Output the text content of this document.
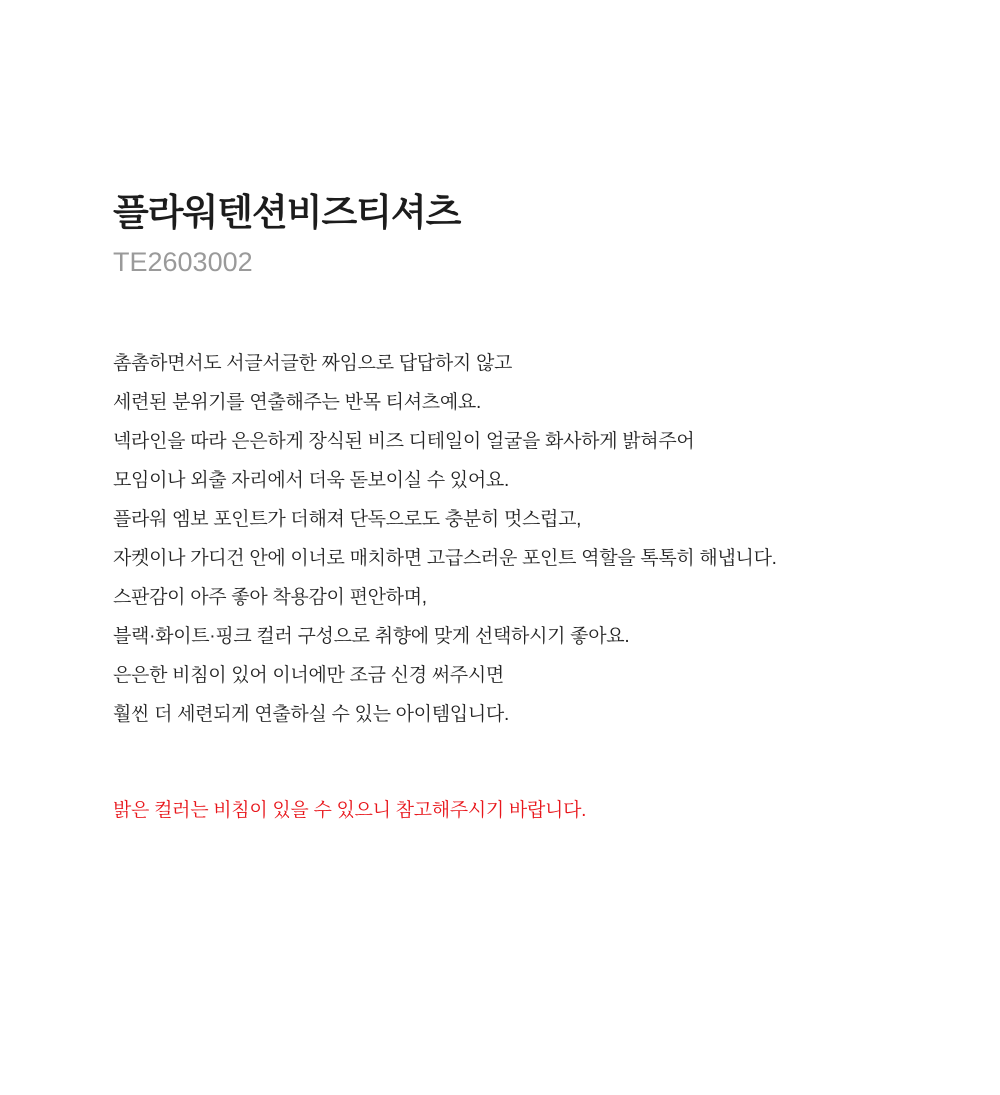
플라워텐션비즈티셔츠
TE2603002

촘촘하면서도 서글서글한 짜임으로 답답하지 않고

세련된 분위기를 연출해주는 반목 티셔츠예요.

넥라인을 따라 은은하게 장식된 비즈 디테일이 얼굴을 화사하게 밝혀주어

모임이나 외출 자리에서 더욱 돋보이실 수 있어요.

플라워 엠보 포인트가 더해져 단독으로도 충분히 멋스럽고,

자켓이나 가디건 안에 이너로 매치하면 고급스러운 포인트 역할을 톡톡히 해냅니다.

스판감이 아주 좋아 착용감이 편안하며,

블랙·화이트·핑크 컬러 구성으로 취향에 맞게 선택하시기 좋아요.

은은한 비침이 있어 이너에만 조금 신경 써주시면

훨씬 더 세련되게 연출하실 수 있는 아이템입니다.

밝은 컬러는 비침이 있을 수 있으니 참고해주시기 바랍니다.
